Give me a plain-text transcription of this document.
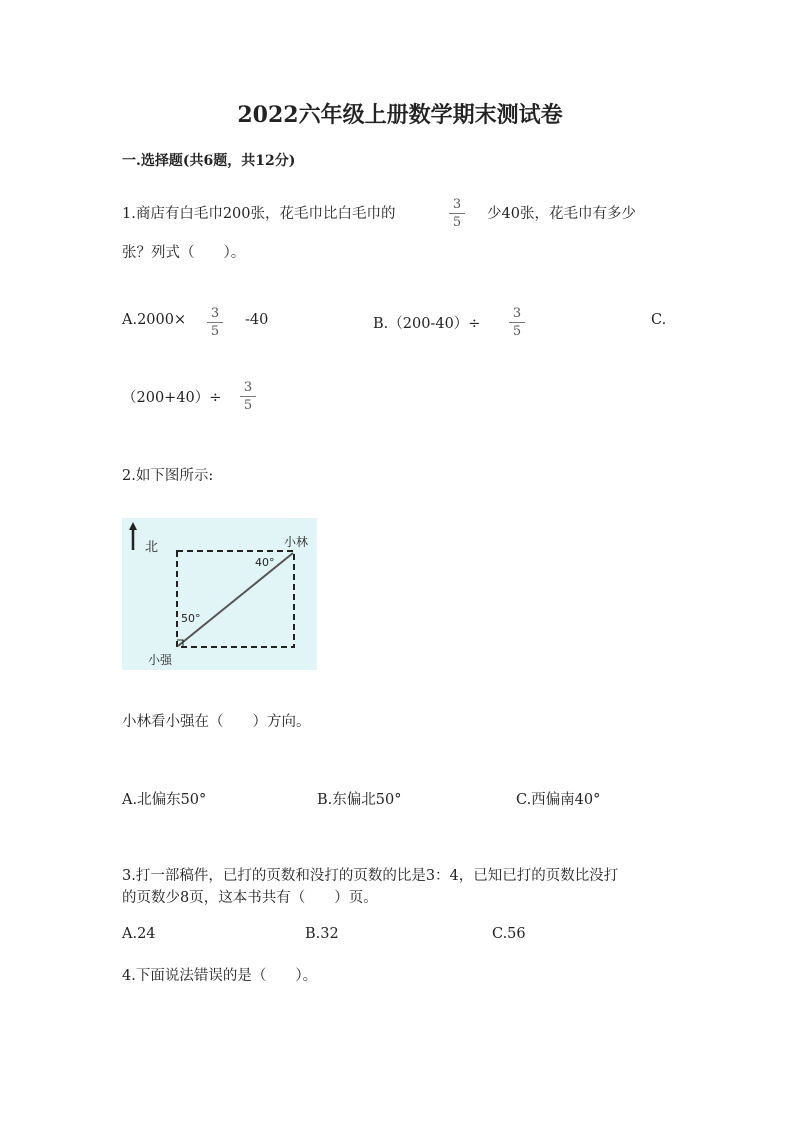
2022六年级上册数学期末测试卷
一.选择题(共6题，共12分)
1.商店有白毛巾200张，花毛巾比白毛巾的
3
5
少40张，花毛巾有多少
张？列式（　　）。
A.2000× 3
5
-40	B.（200-40）÷
3
5
C.
（200+40）÷
3
5
2.如下图所示:
北	小林
40°
50°
小强
小林看小强在（　　）方向。
A.北偏东50°	B.东偏北50°	C.西偏南40°
3.打一部稿件，已打的页数和没打的页数的比是3：4，已知已打的页数比没打
的页数少8页，这本书共有（　　）页。
A.24	B.32	C.56
4.下面说法错误的是（　　）。
